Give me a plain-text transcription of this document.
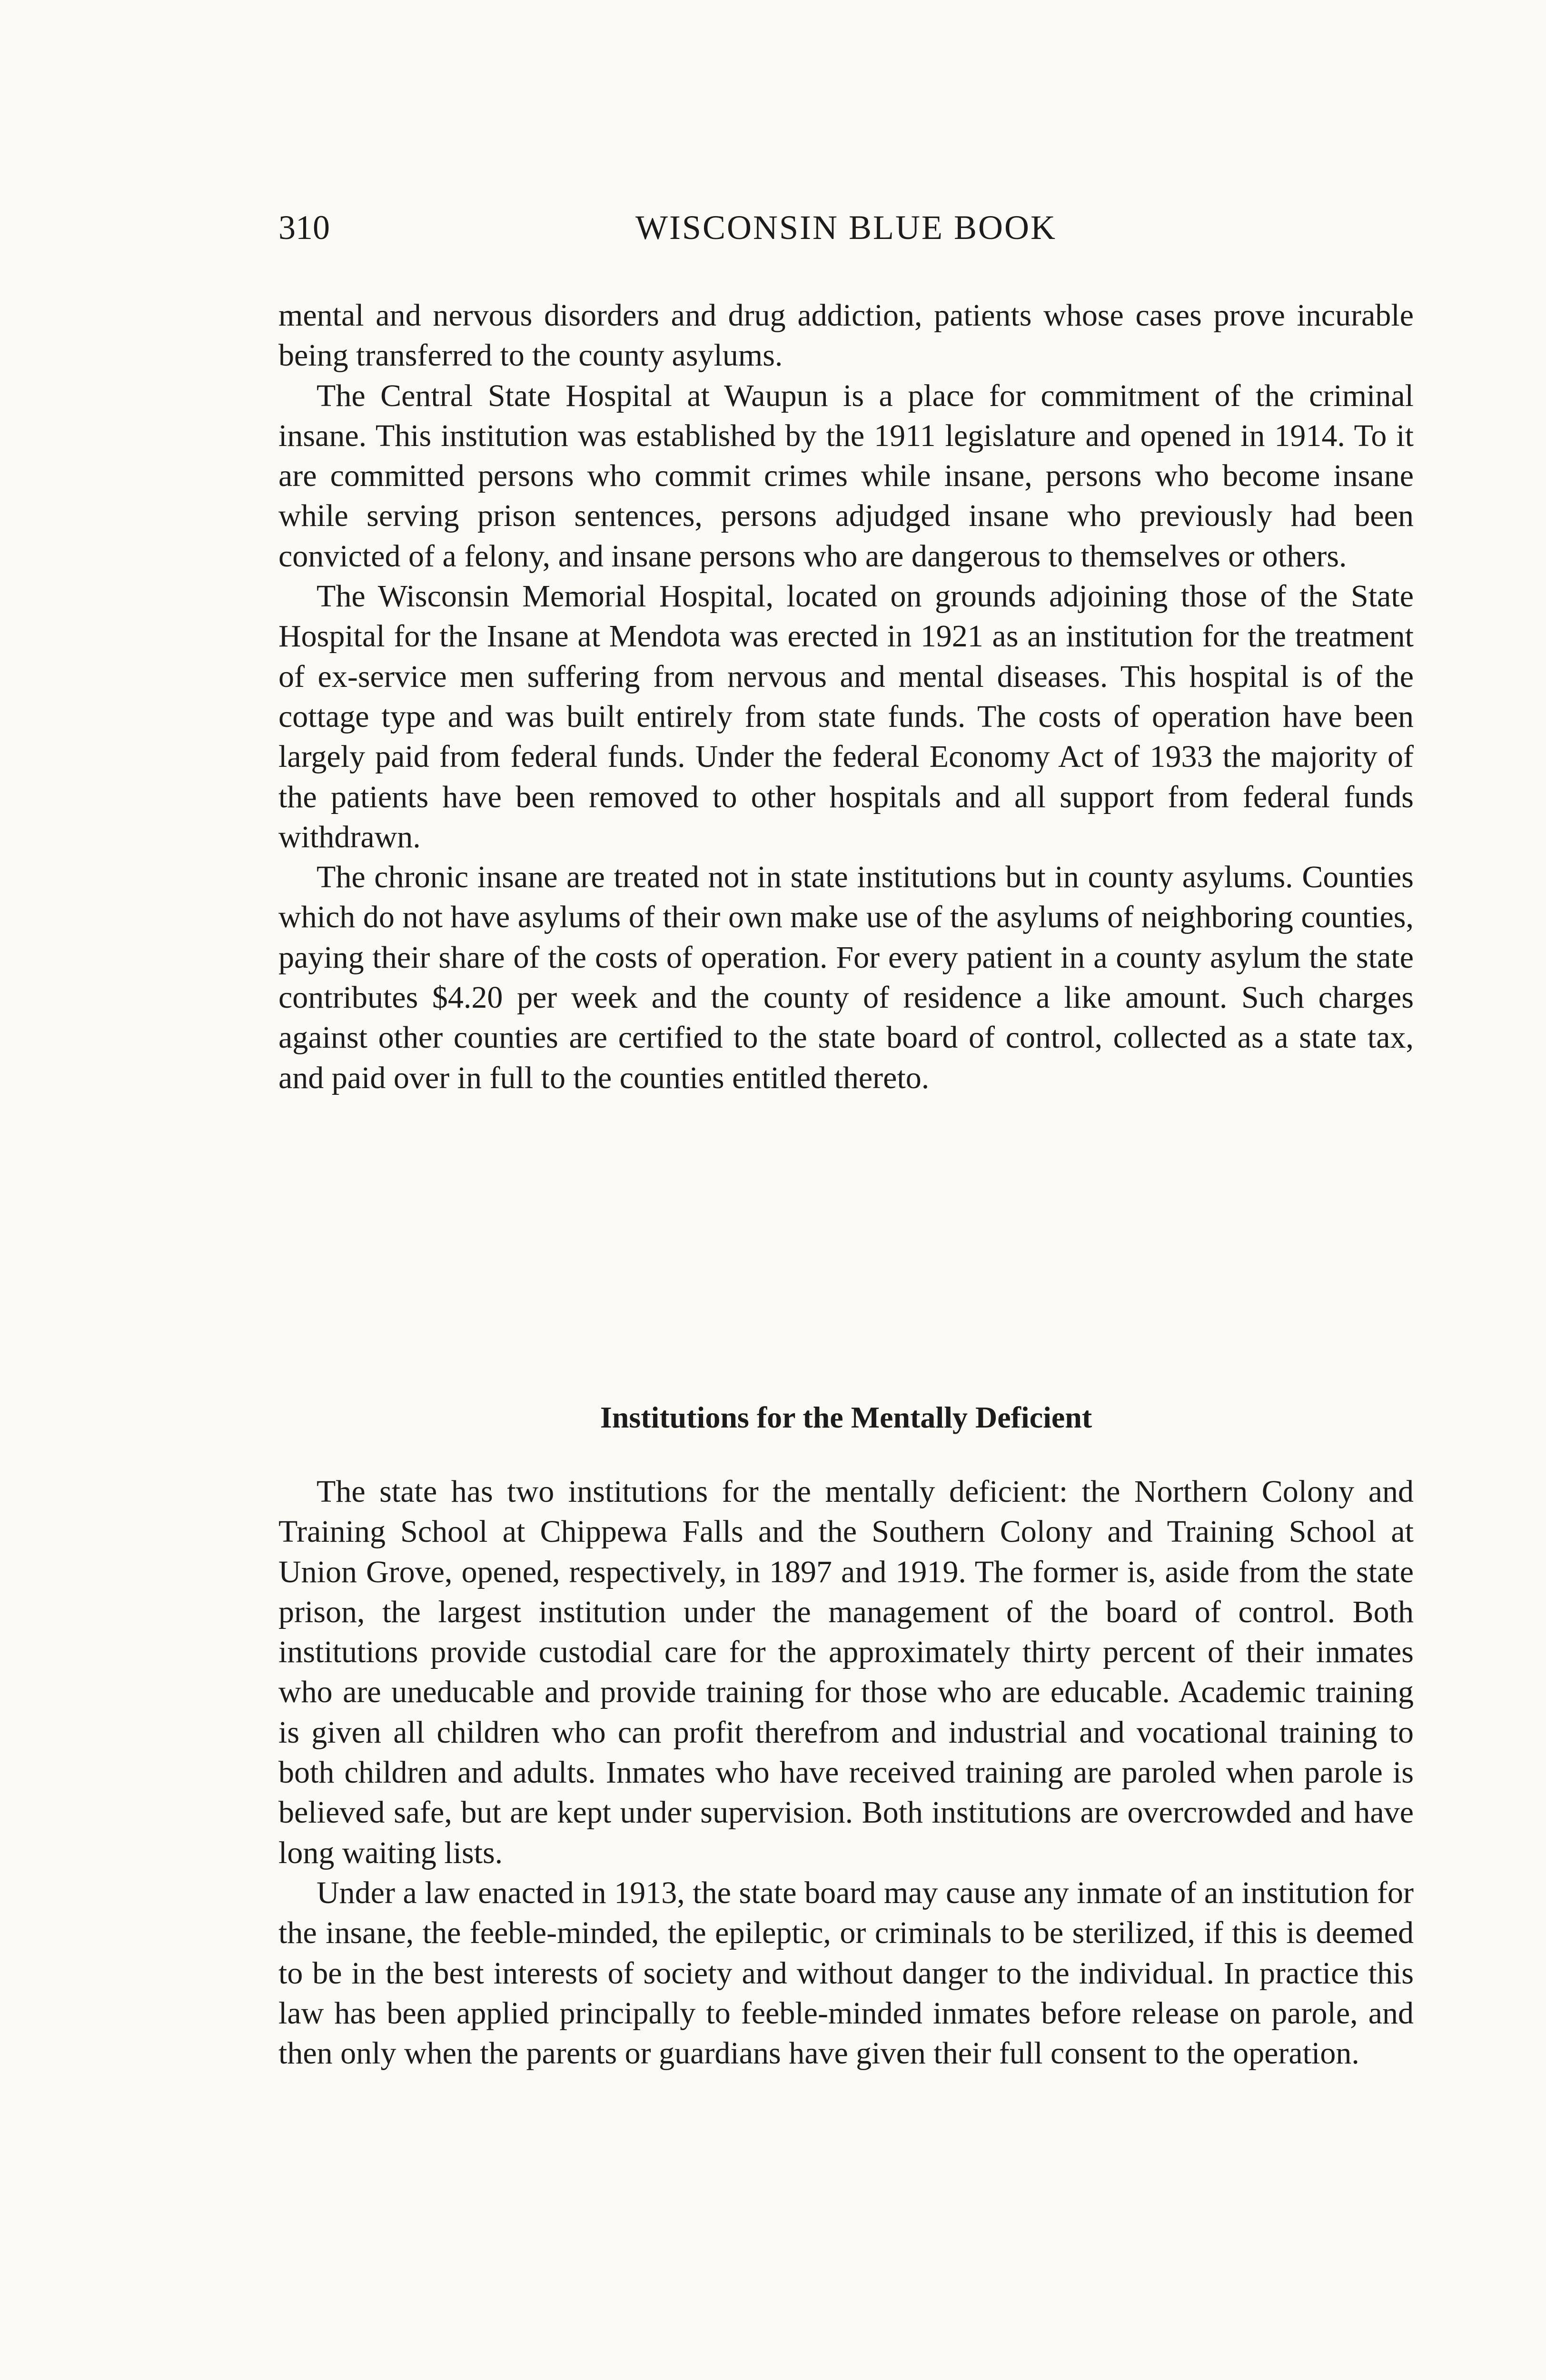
310	WISCONSIN BLUE BOOK

mental and nervous disorders and drug addiction, patients whose cases prove incurable being transferred to the county asylums.

The Central State Hospital at Waupun is a place for commitment of the criminal insane. This institution was established by the 1911 legislature and opened in 1914. To it are committed persons who commit crimes while insane, persons who become insane while serving prison sentences, persons adjudged insane who previously had been convicted of a felony, and insane persons who are dangerous to themselves or others.

The Wisconsin Memorial Hospital, located on grounds adjoining those of the State Hospital for the Insane at Mendota was erected in 1921 as an institution for the treatment of ex-service men suffering from nervous and mental diseases. This hospital is of the cottage type and was built entirely from state funds. The costs of operation have been largely paid from federal funds. Under the federal Economy Act of 1933 the majority of the patients have been removed to other hospitals and all support from federal funds withdrawn.

The chronic insane are treated not in state institutions but in county asylums. Counties which do not have asylums of their own make use of the asylums of neighboring counties, paying their share of the costs of operation. For every patient in a county asylum the state contributes $4.20 per week and the county of residence a like amount. Such charges against other counties are certified to the state board of control, collected as a state tax, and paid over in full to the counties entitled thereto.

Institutions for the Mentally Deficient

The state has two institutions for the mentally deficient: the Northern Colony and Training School at Chippewa Falls and the Southern Colony and Training School at Union Grove, opened, respectively, in 1897 and 1919. The former is, aside from the state prison, the largest institution under the management of the board of control. Both institutions provide custodial care for the approximately thirty percent of their inmates who are uneducable and provide training for those who are educable. Academic training is given all children who can profit therefrom and industrial and vocational training to both children and adults. Inmates who have received training are paroled when parole is believed safe, but are kept under supervision. Both institutions are overcrowded and have long waiting lists.

Under a law enacted in 1913, the state board may cause any inmate of an institution for the insane, the feeble-minded, the epileptic, or criminals to be sterilized, if this is deemed to be in the best interests of society and without danger to the individual. In practice this law has been applied principally to feeble-minded inmates before release on parole, and then only when the parents or guardians have given their full consent to the operation.
